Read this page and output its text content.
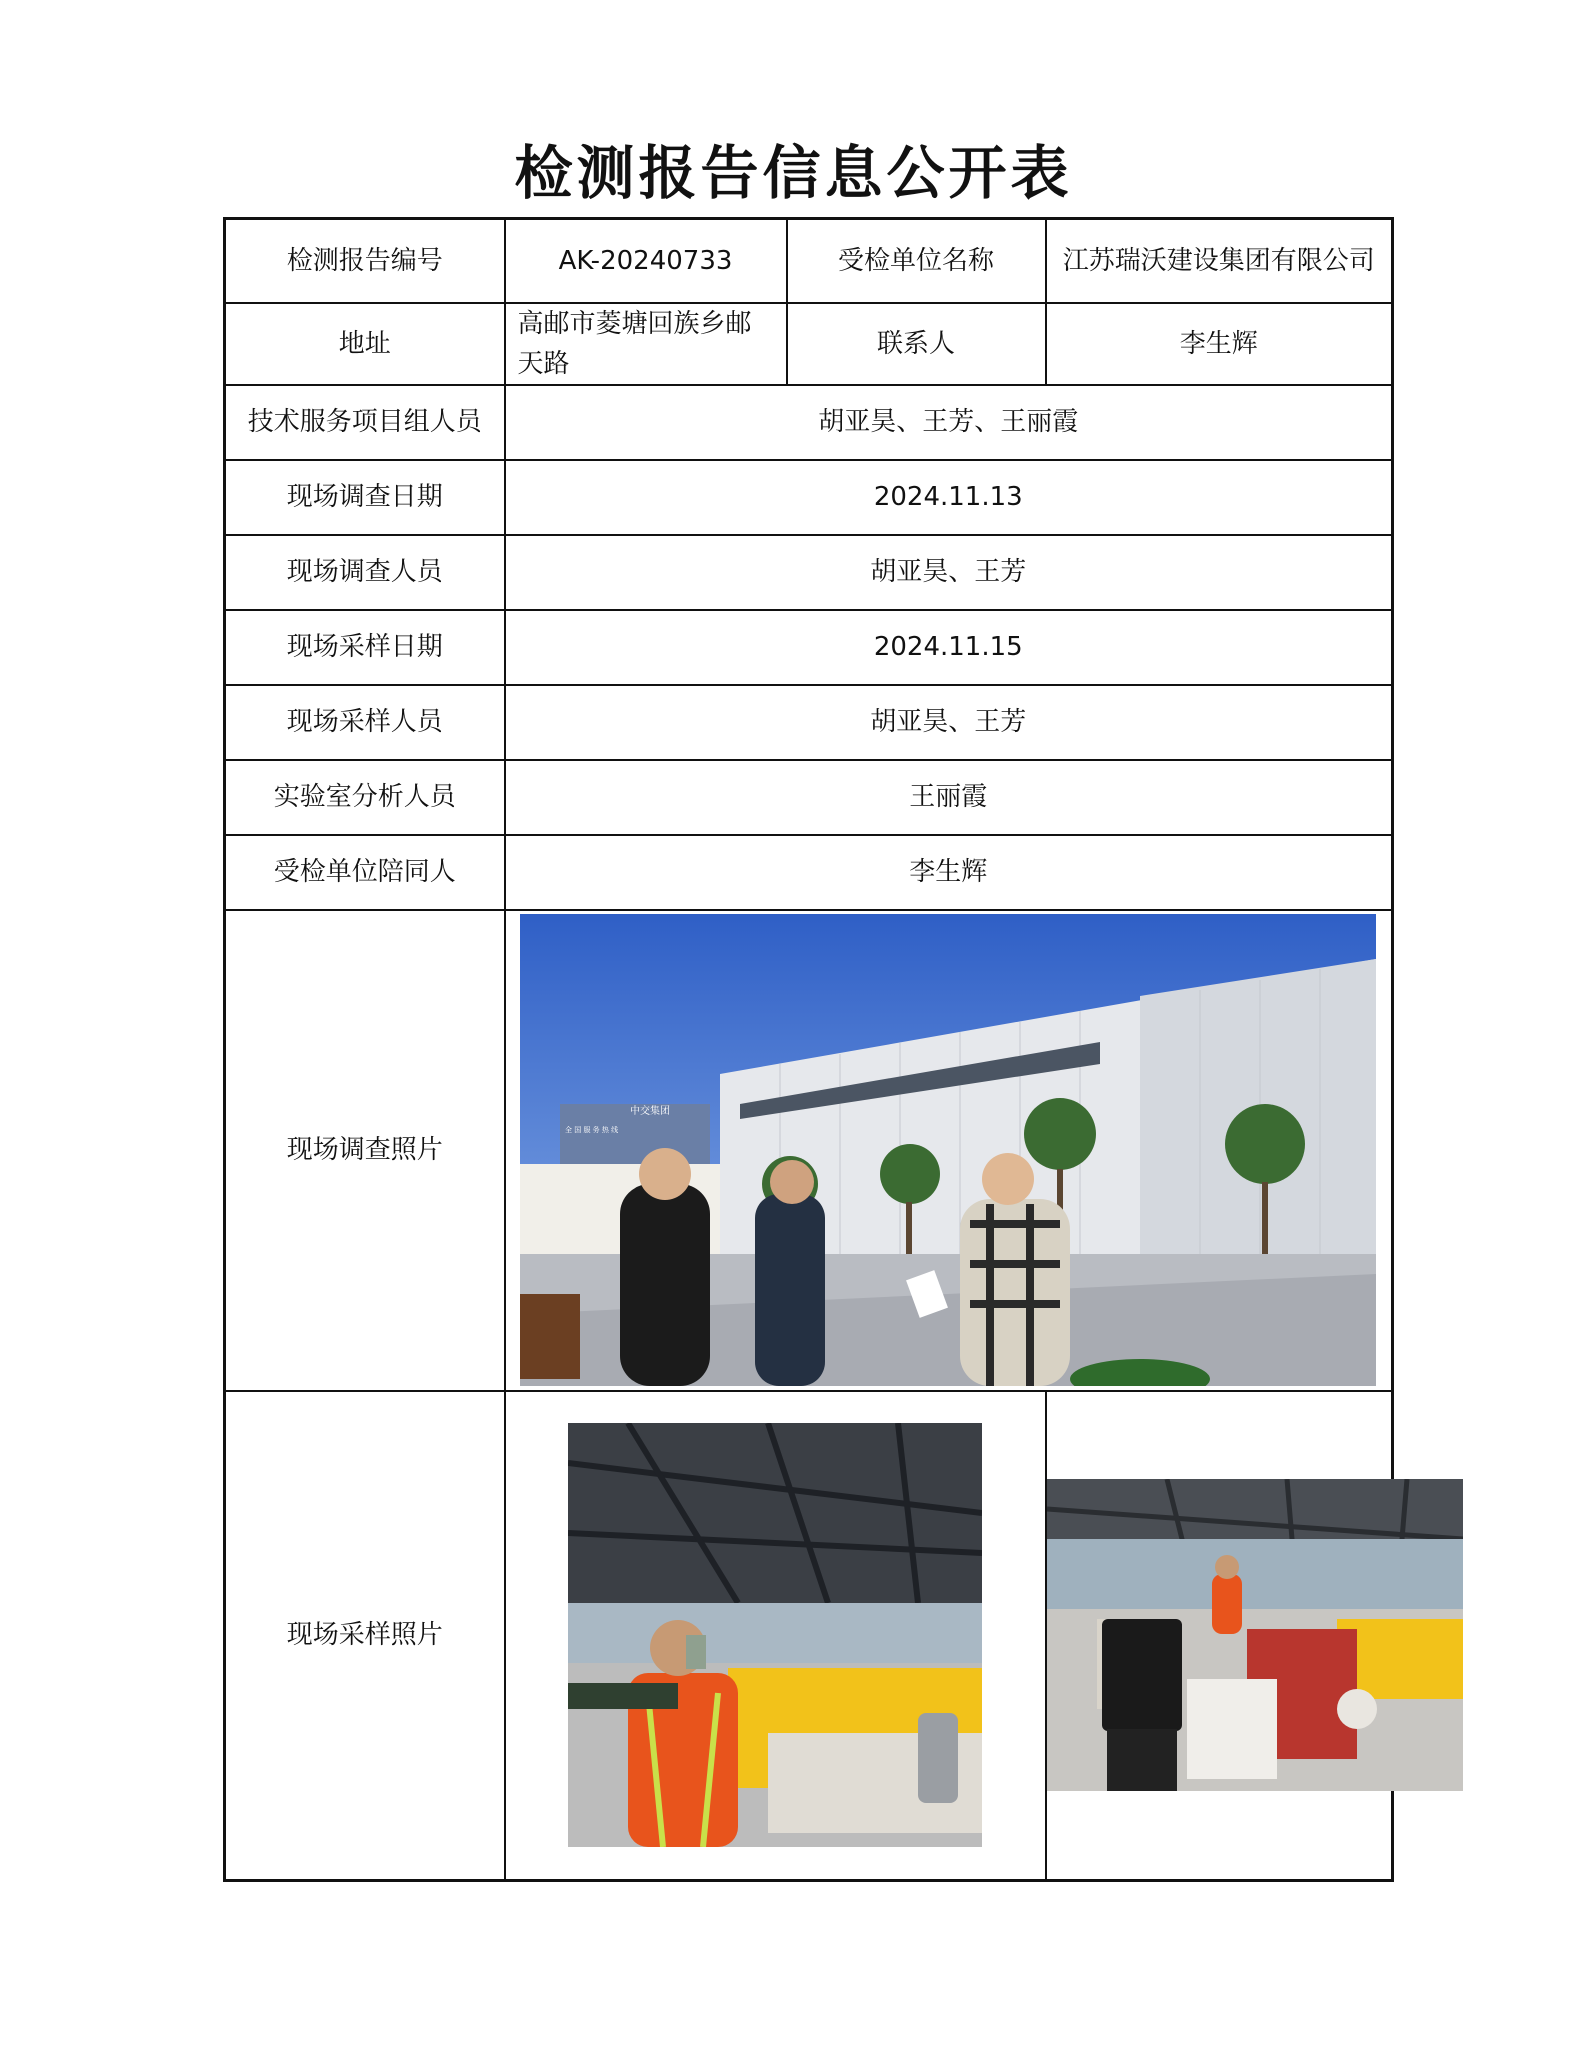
检测报告信息公开表
检测报告编号	AK-20240733	受检单位名称	江苏瑞沃建设集团有限公司
地址	高邮市菱塘回族乡邮天路	联系人	李生辉
技术服务项目组人员	胡亚昊、王芳、王丽霞		
现场调查日期	2024.11.13		
现场调查人员	胡亚昊、王芳		
现场采样日期	2024.11.15		
现场采样人员	胡亚昊、王芳		
实验室分析人员	王丽霞		
受检单位陪同人	李生辉		
现场调查照片	中交集团
全 国 服 务 热 线		

现场采样照片	
